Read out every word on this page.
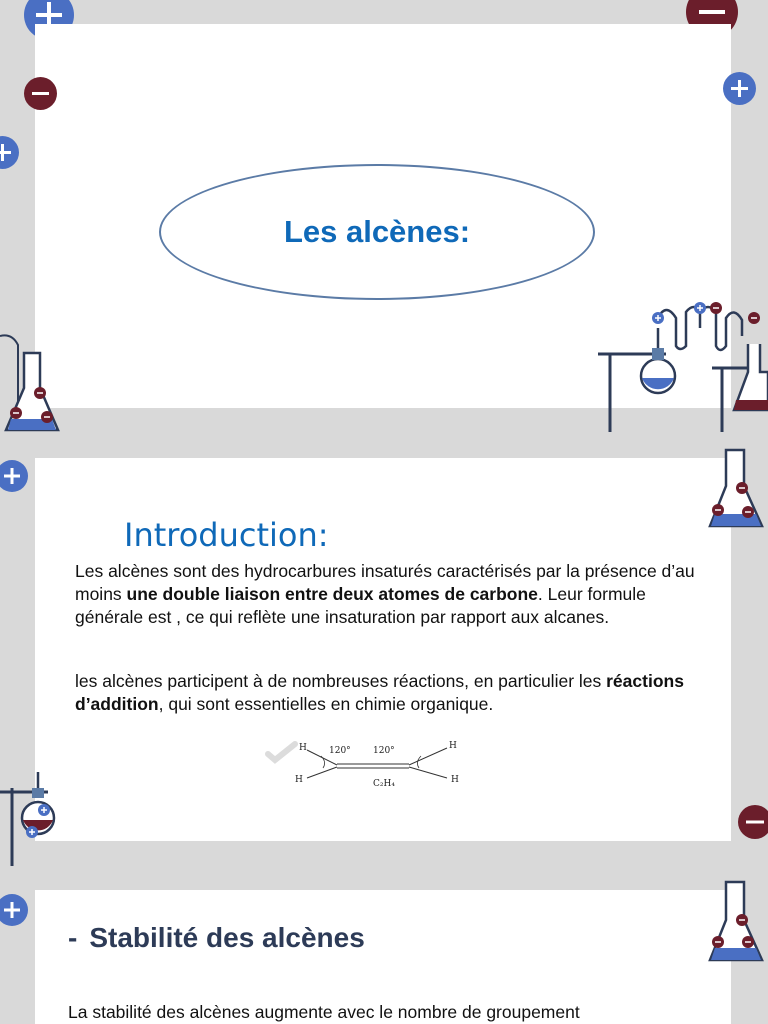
Les alcènes:
Introduction:

Les alcènes sont des hydrocarbures insaturés caractérisés par la présence d’au moins une double liaison entre deux atomes de carbone. Leur formule générale est , ce qui reflète une insaturation par rapport aux alcanes.

les alcènes participent à de nombreuses réactions, en particulier les réactions d’addition, qui sont essentielles en chimie organique.

H 120° 120°	H
H	H
C₂H₄
- Stabilité des alcènes
La stabilité des alcènes augmente avec le nombre de groupement
